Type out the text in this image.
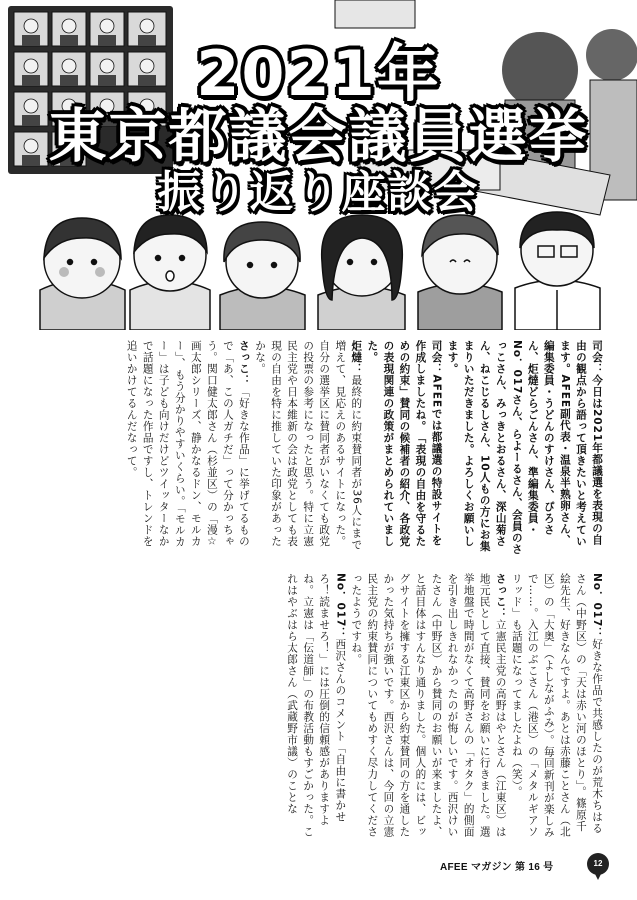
2021年
東京都議会議員選挙
振り返り座談会

司会：今日は2021年都議選を表現の自由の観点から語って頂きたいと考えています。AFEE副代表・温泉半熟卵さん、編集委員・うどんのすけさん、ぴろさん、炬燵どらごんさん、準編集委員・No．017さん、らよーるさん、会員のさっこさん、みっきとおるさん、深山菊さん、ねこじるしさん、10人もの方にお集まりいただきました。よろしくお願いします。

司会：AFEEでは都議選の特設サイトを作成しましたね。「表現の自由を守るための約束」賛同の候補者の紹介、各政党の表現関連の政策がまとめられていました。

炬燵：最終的に約束賛同者が36人にまで増えて、見応えのあるサイトになった。自分の選挙区に賛同者がいなくても政党の投票の参考になったと思う。特に立憲民主党や日本維新の会は政党としても表現の自由を特に推していた印象があったかな。

さっこ：「好きな作品」に挙げてるもので「あ、この人ガチだ」って分かっちゃう。関口健太郎さん（杉並区）の「漫☆画太郎シリーズ、静かなるドン、モルカー」、もう分かりやすいくらい。「モルカー」は子ども向けだけどツイッターなかで話題になった作品ですし、トレンドを追いかけてるんだなって。

No．017：好きな作品で共感したのが荒木ちはるさん（中野区）の「天は赤い河のほとり」。篠原千絵先生、好きなんですよ。あとは赤藤ことさん（北区）の「大奥」（よしながふみ）。毎回新刊が楽しみで……。入江のぶこさん（港区）の「メタルギアソリッド」も話題になってましたよね（笑）。

さっこ：立憲民主党の高野はやとさん（江東区）は地元民として直接、賛同をお願いに行きました。選挙地盤で時間がなくて高野さんの「オタク」的側面を引き出しきれなかったのが悔しいです。西沢けいたさん（中野区）から賛同のお願いが来ましたよ、と話目体はすんなり通りました。個人的には、ビッグサイトを擁する江東区から約束賛同の方を通したかった気持ちが強いです。西沢さんは、今回の立憲民主党の約束賛同についてもめすく尽力してくださったようですね。

No．017：西沢さんのコメント「自由に書かせろ！読ませろ！」には圧倒的信頼感がありますよね。立憲は「伝道師」の布教活動もすごかった。これはやぶはら太郎さん（武蔵野市議）のことな

AFEE マガジン 第 16 号	12
